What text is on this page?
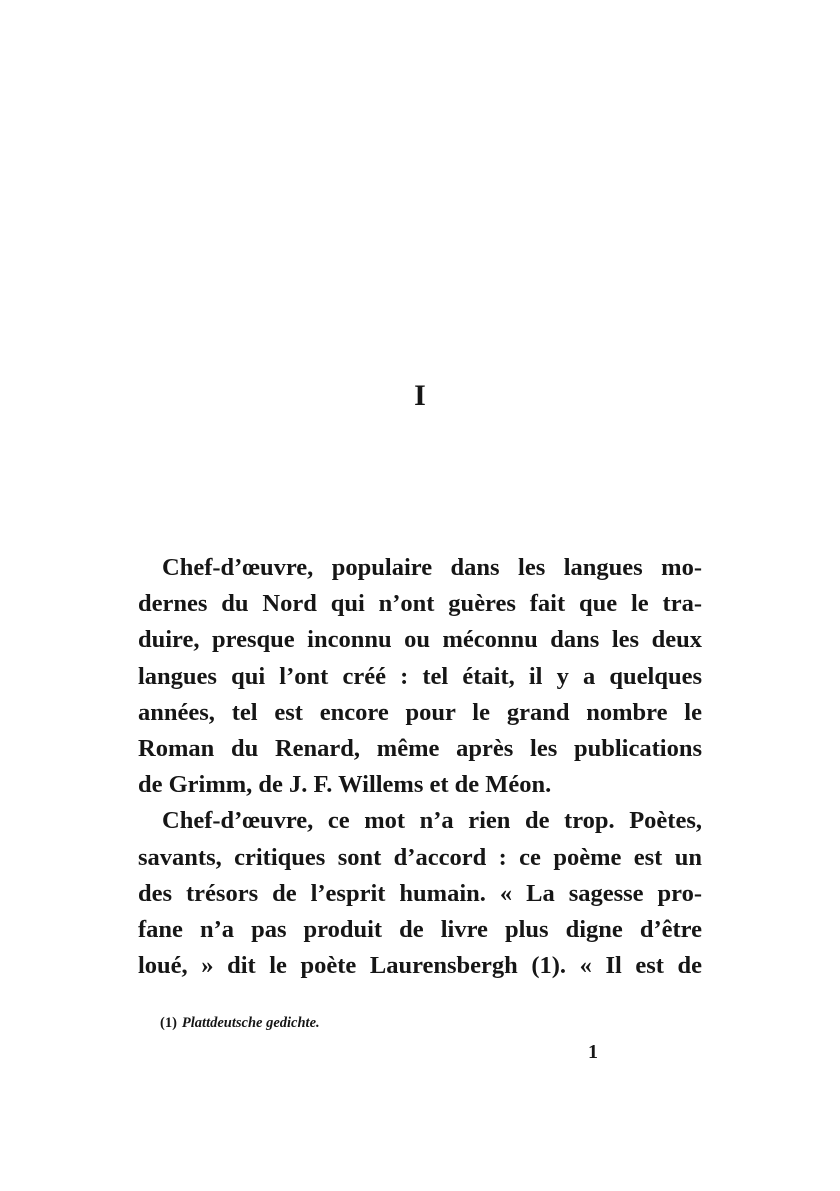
I
Chef-d’œuvre, populaire dans les langues mo-
dernes du Nord qui n’ont guères fait que le tra-
duire, presque inconnu ou méconnu dans les deux
langues qui l’ont créé : tel était, il y a quelques
années, tel est encore pour le grand nombre le
Roman du Renard, même après les publications
de Grimm, de J. F. Willems et de Méon.
Chef-d’œuvre, ce mot n’a rien de trop. Poètes,
savants, critiques sont d’accord : ce poème est un
des trésors de l’esprit humain. « La sagesse pro-
fane n’a pas produit de livre plus digne d’être
loué, » dit le poète Laurensbergh (1). « Il est de
(1) Plattdeutsche gedichte.
1
